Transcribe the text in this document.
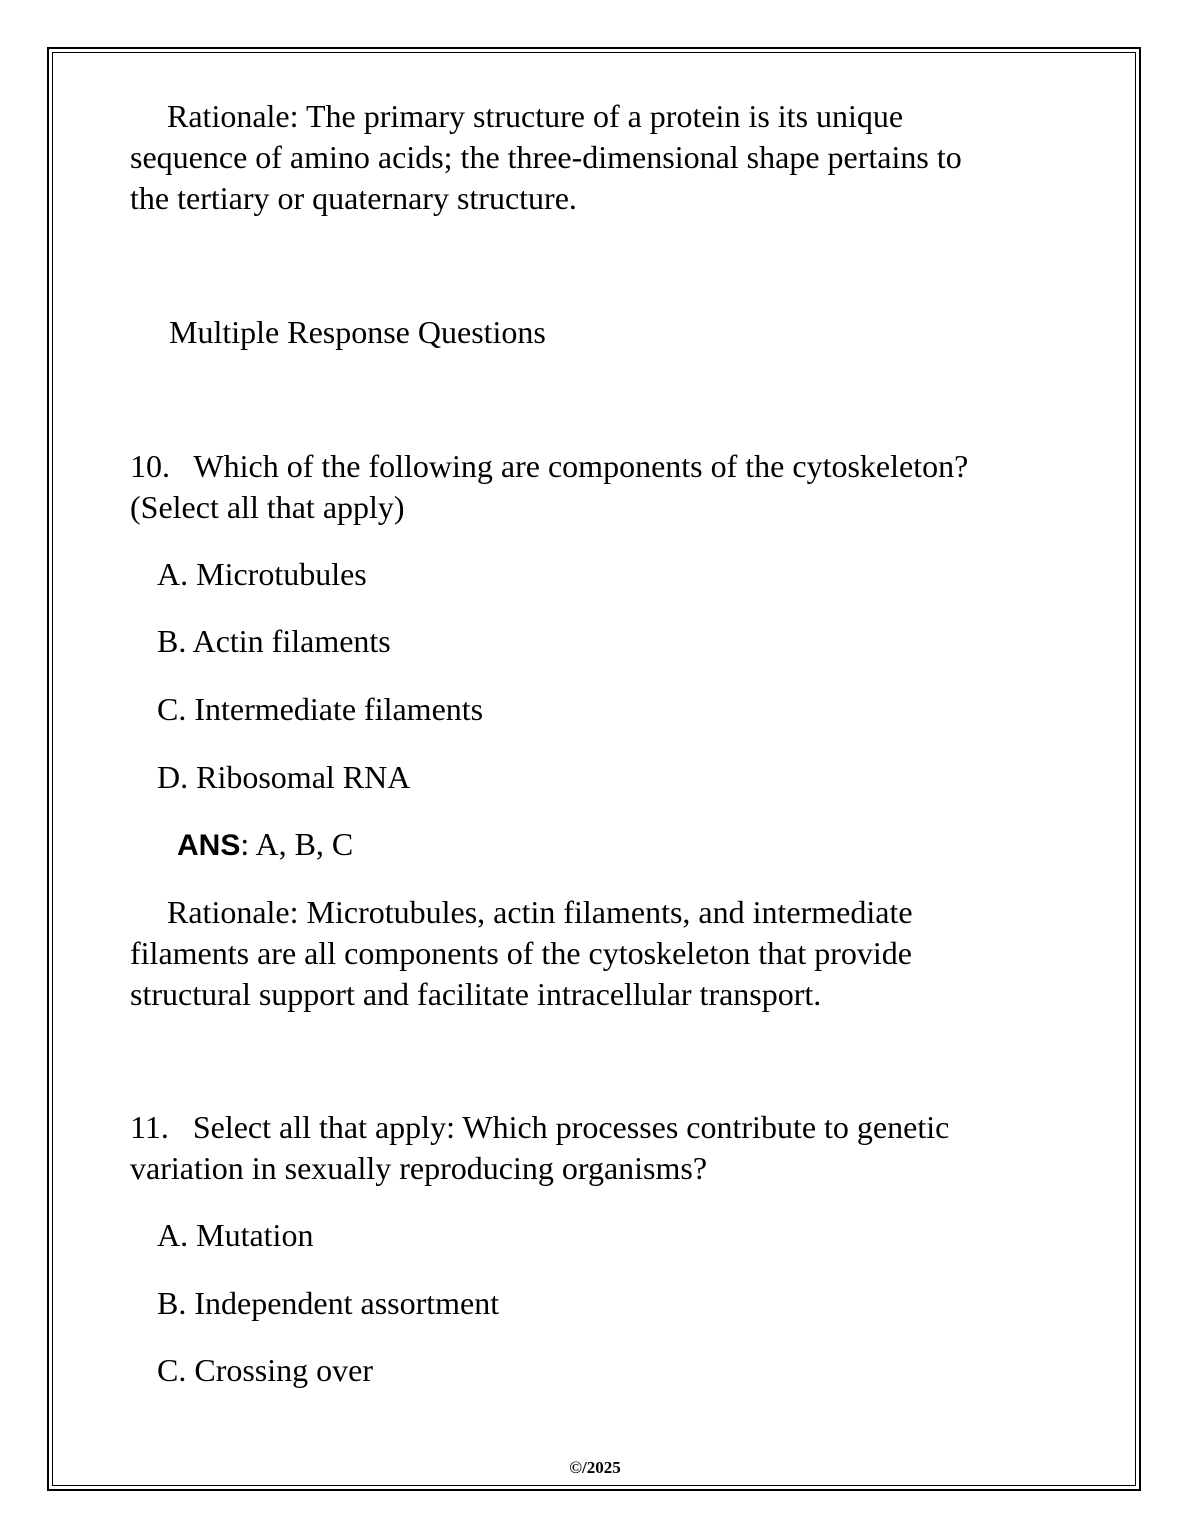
Rationale: The primary structure of a protein is its unique
sequence of amino acids; the three-dimensional shape pertains to
the tertiary or quaternary structure.
Multiple Response Questions
10.   Which of the following are components of the cytoskeleton?
(Select all that apply)
A. Microtubules
B. Actin filaments
C. Intermediate filaments
D. Ribosomal RNA
ANS: A, B, C
Rationale: Microtubules, actin filaments, and intermediate
filaments are all components of the cytoskeleton that provide
structural support and facilitate intracellular transport.
11.   Select all that apply: Which processes contribute to genetic
variation in sexually reproducing organisms?
A. Mutation
B. Independent assortment
C. Crossing over
©/2025
